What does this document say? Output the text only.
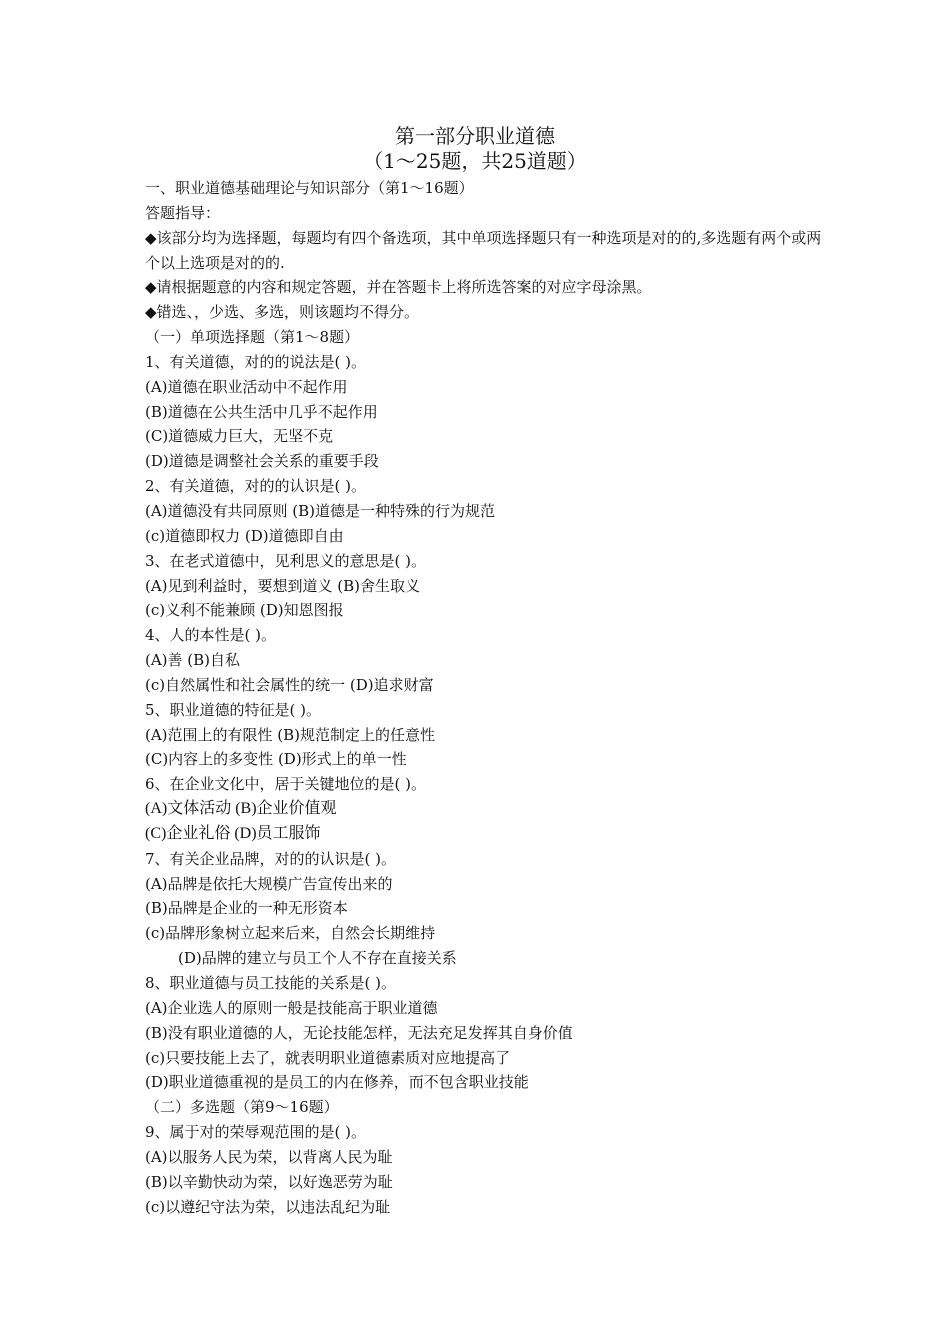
第一部分职业道德
（1～25题，共25道题）
一、职业道德基础理论与知识部分（第1～16题）
答题指导：
◆该部分均为选择题，每题均有四个备选项，其中单项选择题只有一种选项是对的的,多选题有两个或两个以上选项是对的的.
◆请根据题意的内容和规定答题，并在答题卡上将所选答案的对应字母涂黑。
◆错选、，少选、多选，则该题均不得分。
（一）单项选择题（第1～8题）
1、有关道德，对的的说法是( )。
(A)道德在职业活动中不起作用
(B)道德在公共生活中几乎不起作用
(C)道德威力巨大，无坚不克
(D)道德是调整社会关系的重要手段
2、有关道德，对的的认识是( )。
(A)道德没有共同原则 (B)道德是一种特殊的行为规范
(c)道德即权力 (D)道德即自由
3、在老式道德中，见利思义的意思是( )。
(A)见到利益时，要想到道义 (B)舍生取义
(c)义利不能兼顾 (D)知恩图报
4、人的本性是( )。
(A)善 (B)自私
(c)自然属性和社会属性的统一 (D)追求财富
5、职业道德的特征是( )。
(A)范围上的有限性 (B)规范制定上的任意性
(C)内容上的多变性 (D)形式上的单一性
6、在企业文化中，居于关键地位的是( )。
(A)文体活动 (B)企业价值观
(C)企业礼俗 (D)员工服饰
7、有关企业品牌，对的的认识是( )。
(A)品牌是依托大规模广告宣传出来的
(B)品牌是企业的一种无形资本
(c)品牌形象树立起来后来，自然会长期维持
(D)品牌的建立与员工个人不存在直接关系
8、职业道德与员工技能的关系是( )。
(A)企业选人的原则一般是技能高于职业道德
(B)没有职业道德的人，无论技能怎样，无法充足发挥其自身价值
(c)只要技能上去了，就表明职业道德素质对应地提高了
(D)职业道德重视的是员工的内在修养，而不包含职业技能
（二）多选题（第9～16题）
9、属于对的荣辱观范围的是( )。
(A)以服务人民为荣，以背离人民为耻
(B)以辛勤快动为荣，以好逸恶劳为耻
(c)以遵纪守法为荣，以违法乱纪为耻
